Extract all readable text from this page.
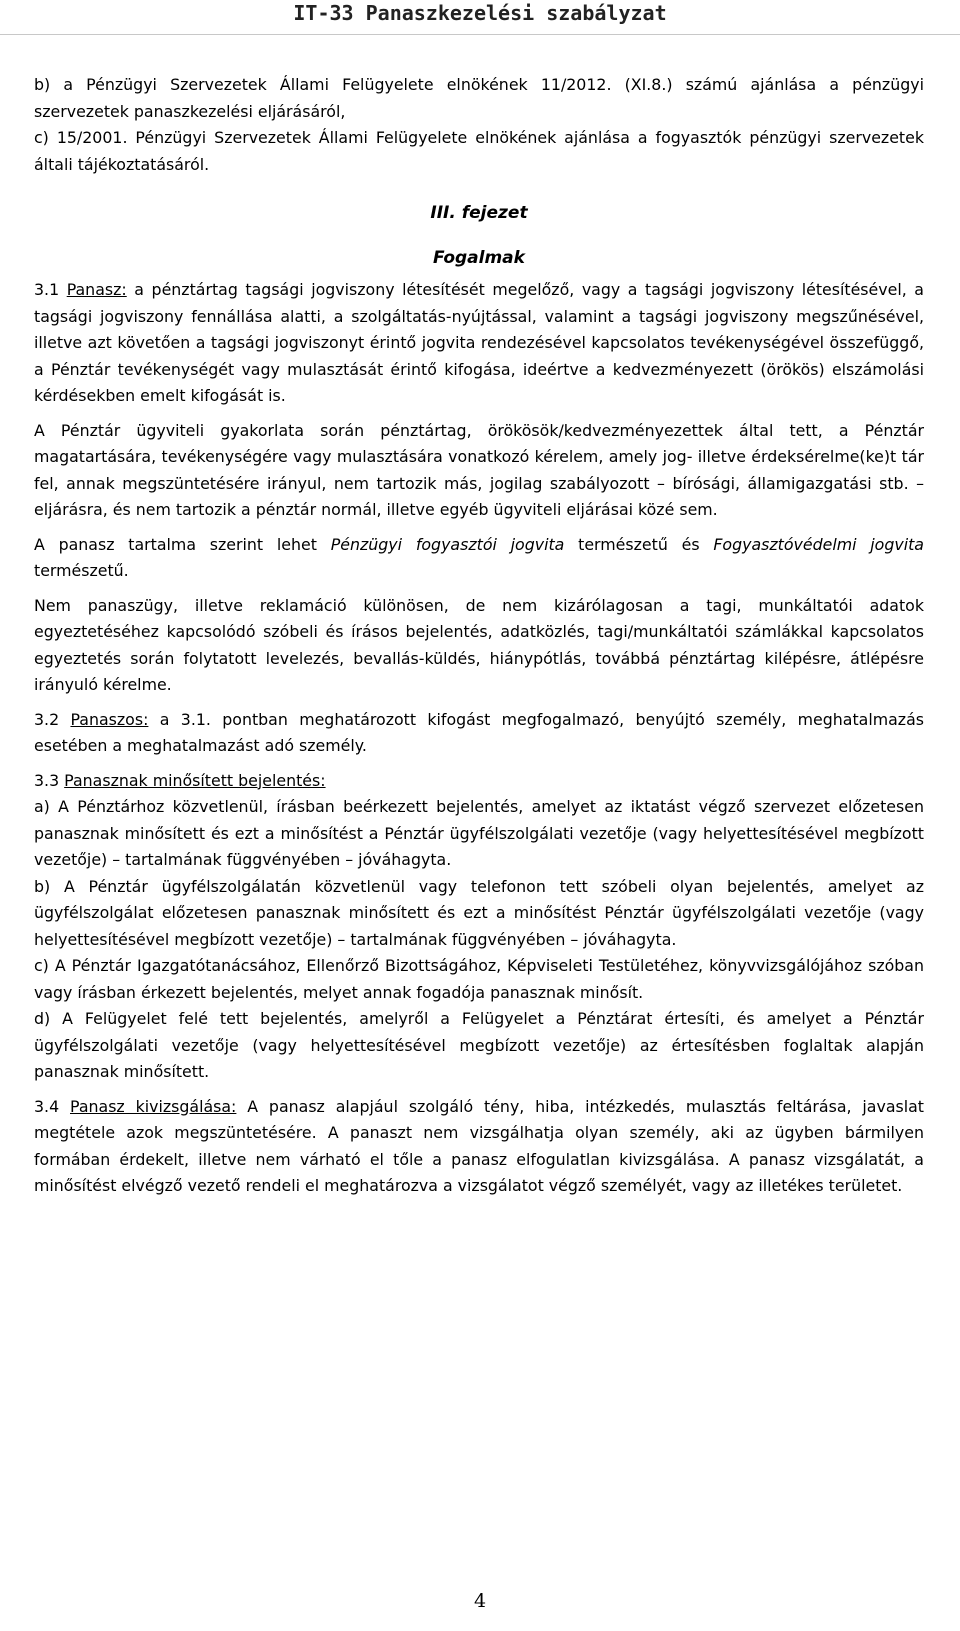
IT-33 Panaszkezelési szabályzat

b) a Pénzügyi Szervezetek Állami Felügyelete elnökének 11/2012. (XI.8.) számú ajánlása a pénzügyi szervezetek panaszkezelési eljárásáról,

c) 15/2001. Pénzügyi Szervezetek Állami Felügyelete elnökének ajánlása a fogyasztók pénzügyi szervezetek általi tájékoztatásáról.

III. fejezet
Fogalmak

3.1 Panasz: a pénztártag tagsági jogviszony létesítését megelőző, vagy a tagsági jogviszony létesítésével, a tagsági jogviszony fennállása alatti, a szolgáltatás-nyújtással, valamint a tagsági jogviszony megszűnésével, illetve azt követően a tagsági jogviszonyt érintő jogvita rendezésével kapcsolatos tevékenységével összefüggő, a Pénztár tevékenységét vagy mulasztását érintő kifogása, ideértve a kedvezményezett (örökös) elszámolási kérdésekben emelt kifogását is.

A Pénztár ügyviteli gyakorlata során pénztártag, örökösök/kedvezményezettek által tett, a Pénztár magatartására, tevékenységére vagy mulasztására vonatkozó kérelem, amely jog- illetve érdeksérelme(ke)t tár fel, annak megszüntetésére irányul, nem tartozik más, jogilag szabályozott – bírósági, államigazgatási stb. – eljárásra, és nem tartozik a pénztár normál, illetve egyéb ügyviteli eljárásai közé sem.

A panasz tartalma szerint lehet Pénzügyi fogyasztói jogvita természetű és Fogyasztóvédelmi jogvita természetű.

Nem panaszügy, illetve reklamáció különösen, de nem kizárólagosan a tagi, munkáltatói adatok egyeztetéséhez kapcsolódó szóbeli és írásos bejelentés, adatközlés, tagi/munkáltatói számlákkal kapcsolatos egyeztetés során folytatott levelezés, bevallás-küldés, hiánypótlás, továbbá pénztártag kilépésre, átlépésre irányuló kérelme.

3.2 Panaszos: a 3.1. pontban meghatározott kifogást megfogalmazó, benyújtó személy, meghatalmazás esetében a meghatalmazást adó személy.

3.3 Panasznak minősített bejelentés:

a) A Pénztárhoz közvetlenül, írásban beérkezett bejelentés, amelyet az iktatást végző szervezet előzetesen panasznak minősített és ezt a minősítést a Pénztár ügyfélszolgálati vezetője (vagy helyettesítésével megbízott vezetője) – tartalmának függvényében – jóváhagyta.

b) A Pénztár ügyfélszolgálatán közvetlenül vagy telefonon tett szóbeli olyan bejelentés, amelyet az ügyfélszolgálat előzetesen panasznak minősített és ezt a minősítést Pénztár ügyfélszolgálati vezetője (vagy helyettesítésével megbízott vezetője) – tartalmának függvényében – jóváhagyta.

c) A Pénztár Igazgatótanácsához, Ellenőrző Bizottságához, Képviseleti Testületéhez, könyvvizsgálójához szóban vagy írásban érkezett bejelentés, melyet annak fogadója panasznak minősít.

d) A Felügyelet felé tett bejelentés, amelyről a Felügyelet a Pénztárat értesíti, és amelyet a Pénztár ügyfélszolgálati vezetője (vagy helyettesítésével megbízott vezetője) az értesítésben foglaltak alapján panasznak minősített.

3.4 Panasz kivizsgálása: A panasz alapjául szolgáló tény, hiba, intézkedés, mulasztás feltárása, javaslat megtétele azok megszüntetésére. A panaszt nem vizsgálhatja olyan személy, aki az ügyben bármilyen formában érdekelt, illetve nem várható el tőle a panasz elfogulatlan kivizsgálása. A panasz vizsgálatát, a minősítést elvégző vezető rendeli el meghatározva a vizsgálatot végző személyét, vagy az illetékes területet.

4
